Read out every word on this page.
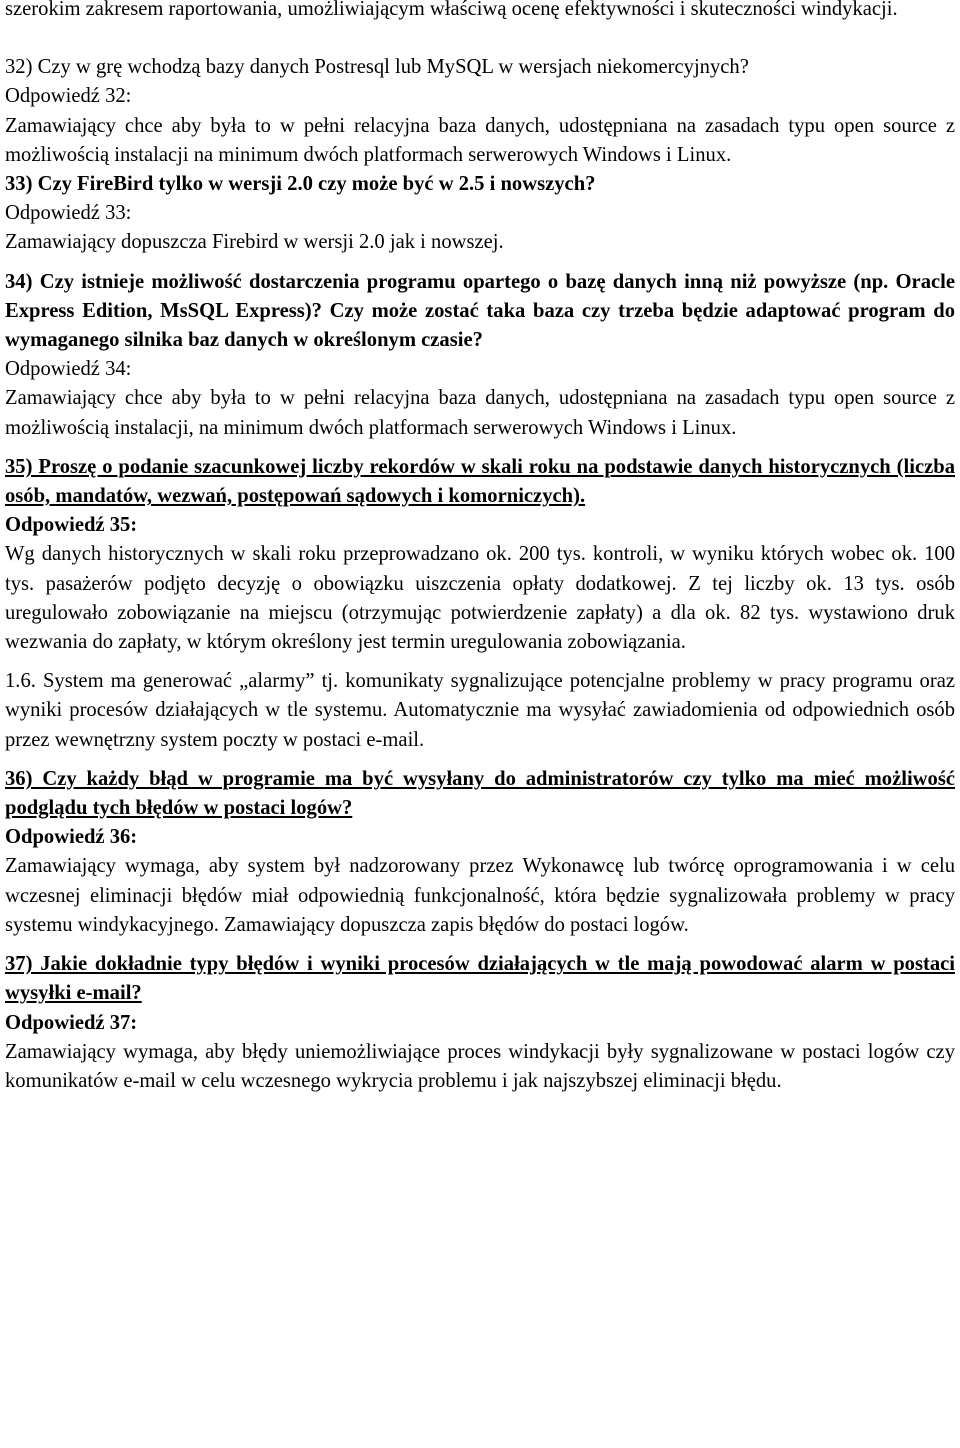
szerokim zakresem raportowania, umożliwiającym właściwą ocenę efektywności i skuteczności windykacji.

32) Czy w grę wchodzą bazy danych Postresql lub MySQL w wersjach niekomercyjnych?

Odpowiedź 32:

Zamawiający chce aby była to w pełni relacyjna baza danych, udostępniana na zasadach typu open source z możliwością instalacji na minimum dwóch platformach serwerowych Windows i Linux.

33) Czy FireBird tylko w wersji 2.0 czy może być w 2.5 i nowszych?

Odpowiedź 33:

Zamawiający dopuszcza Firebird w wersji 2.0 jak i nowszej.

34) Czy istnieje możliwość dostarczenia programu opartego o bazę danych inną niż powyższe (np. Oracle Express Edition, MsSQL Express)? Czy może zostać taka baza czy trzeba będzie adaptować program do wymaganego silnika baz danych w określonym czasie?

Odpowiedź 34:

Zamawiający chce aby była to w pełni relacyjna baza danych, udostępniana na zasadach typu open source z możliwością instalacji, na minimum dwóch platformach serwerowych Windows i Linux.

35) Proszę o podanie szacunkowej liczby rekordów w skali roku na podstawie danych historycznych (liczba osób, mandatów, wezwań, postępowań sądowych i komorniczych).

Odpowiedź 35:

Wg danych historycznych w skali roku przeprowadzano ok. 200 tys. kontroli, w wyniku których wobec ok. 100 tys. pasażerów podjęto decyzję o obowiązku uiszczenia opłaty dodatkowej. Z tej liczby ok. 13 tys. osób uregulowało zobowiązanie na miejscu (otrzymując potwierdzenie zapłaty) a dla ok. 82 tys. wystawiono druk wezwania do zapłaty, w którym określony jest termin uregulowania zobowiązania.

1.6. System ma generować „alarmy” tj. komunikaty sygnalizujące potencjalne problemy w pracy programu oraz wyniki procesów działających w tle systemu. Automatycznie ma wysyłać zawiadomienia od odpowiednich osób przez wewnętrzny system poczty w postaci e-mail.

36) Czy każdy błąd w programie ma być wysyłany do administratorów czy tylko ma mieć możliwość podglądu tych błędów w postaci logów?

Odpowiedź 36:

Zamawiający wymaga, aby system był nadzorowany przez Wykonawcę lub twórcę oprogramowania i w celu wczesnej eliminacji błędów miał odpowiednią funkcjonalność, która będzie sygnalizowała problemy w pracy systemu windykacyjnego. Zamawiający dopuszcza zapis błędów do postaci logów.

37) Jakie dokładnie typy błędów i wyniki procesów działających w tle mają powodować alarm w postaci wysyłki e-mail?

Odpowiedź 37:

Zamawiający wymaga, aby błędy uniemożliwiające proces windykacji były sygnalizowane w postaci logów czy komunikatów e-mail w celu wczesnego wykrycia problemu i jak najszybszej eliminacji błędu.
